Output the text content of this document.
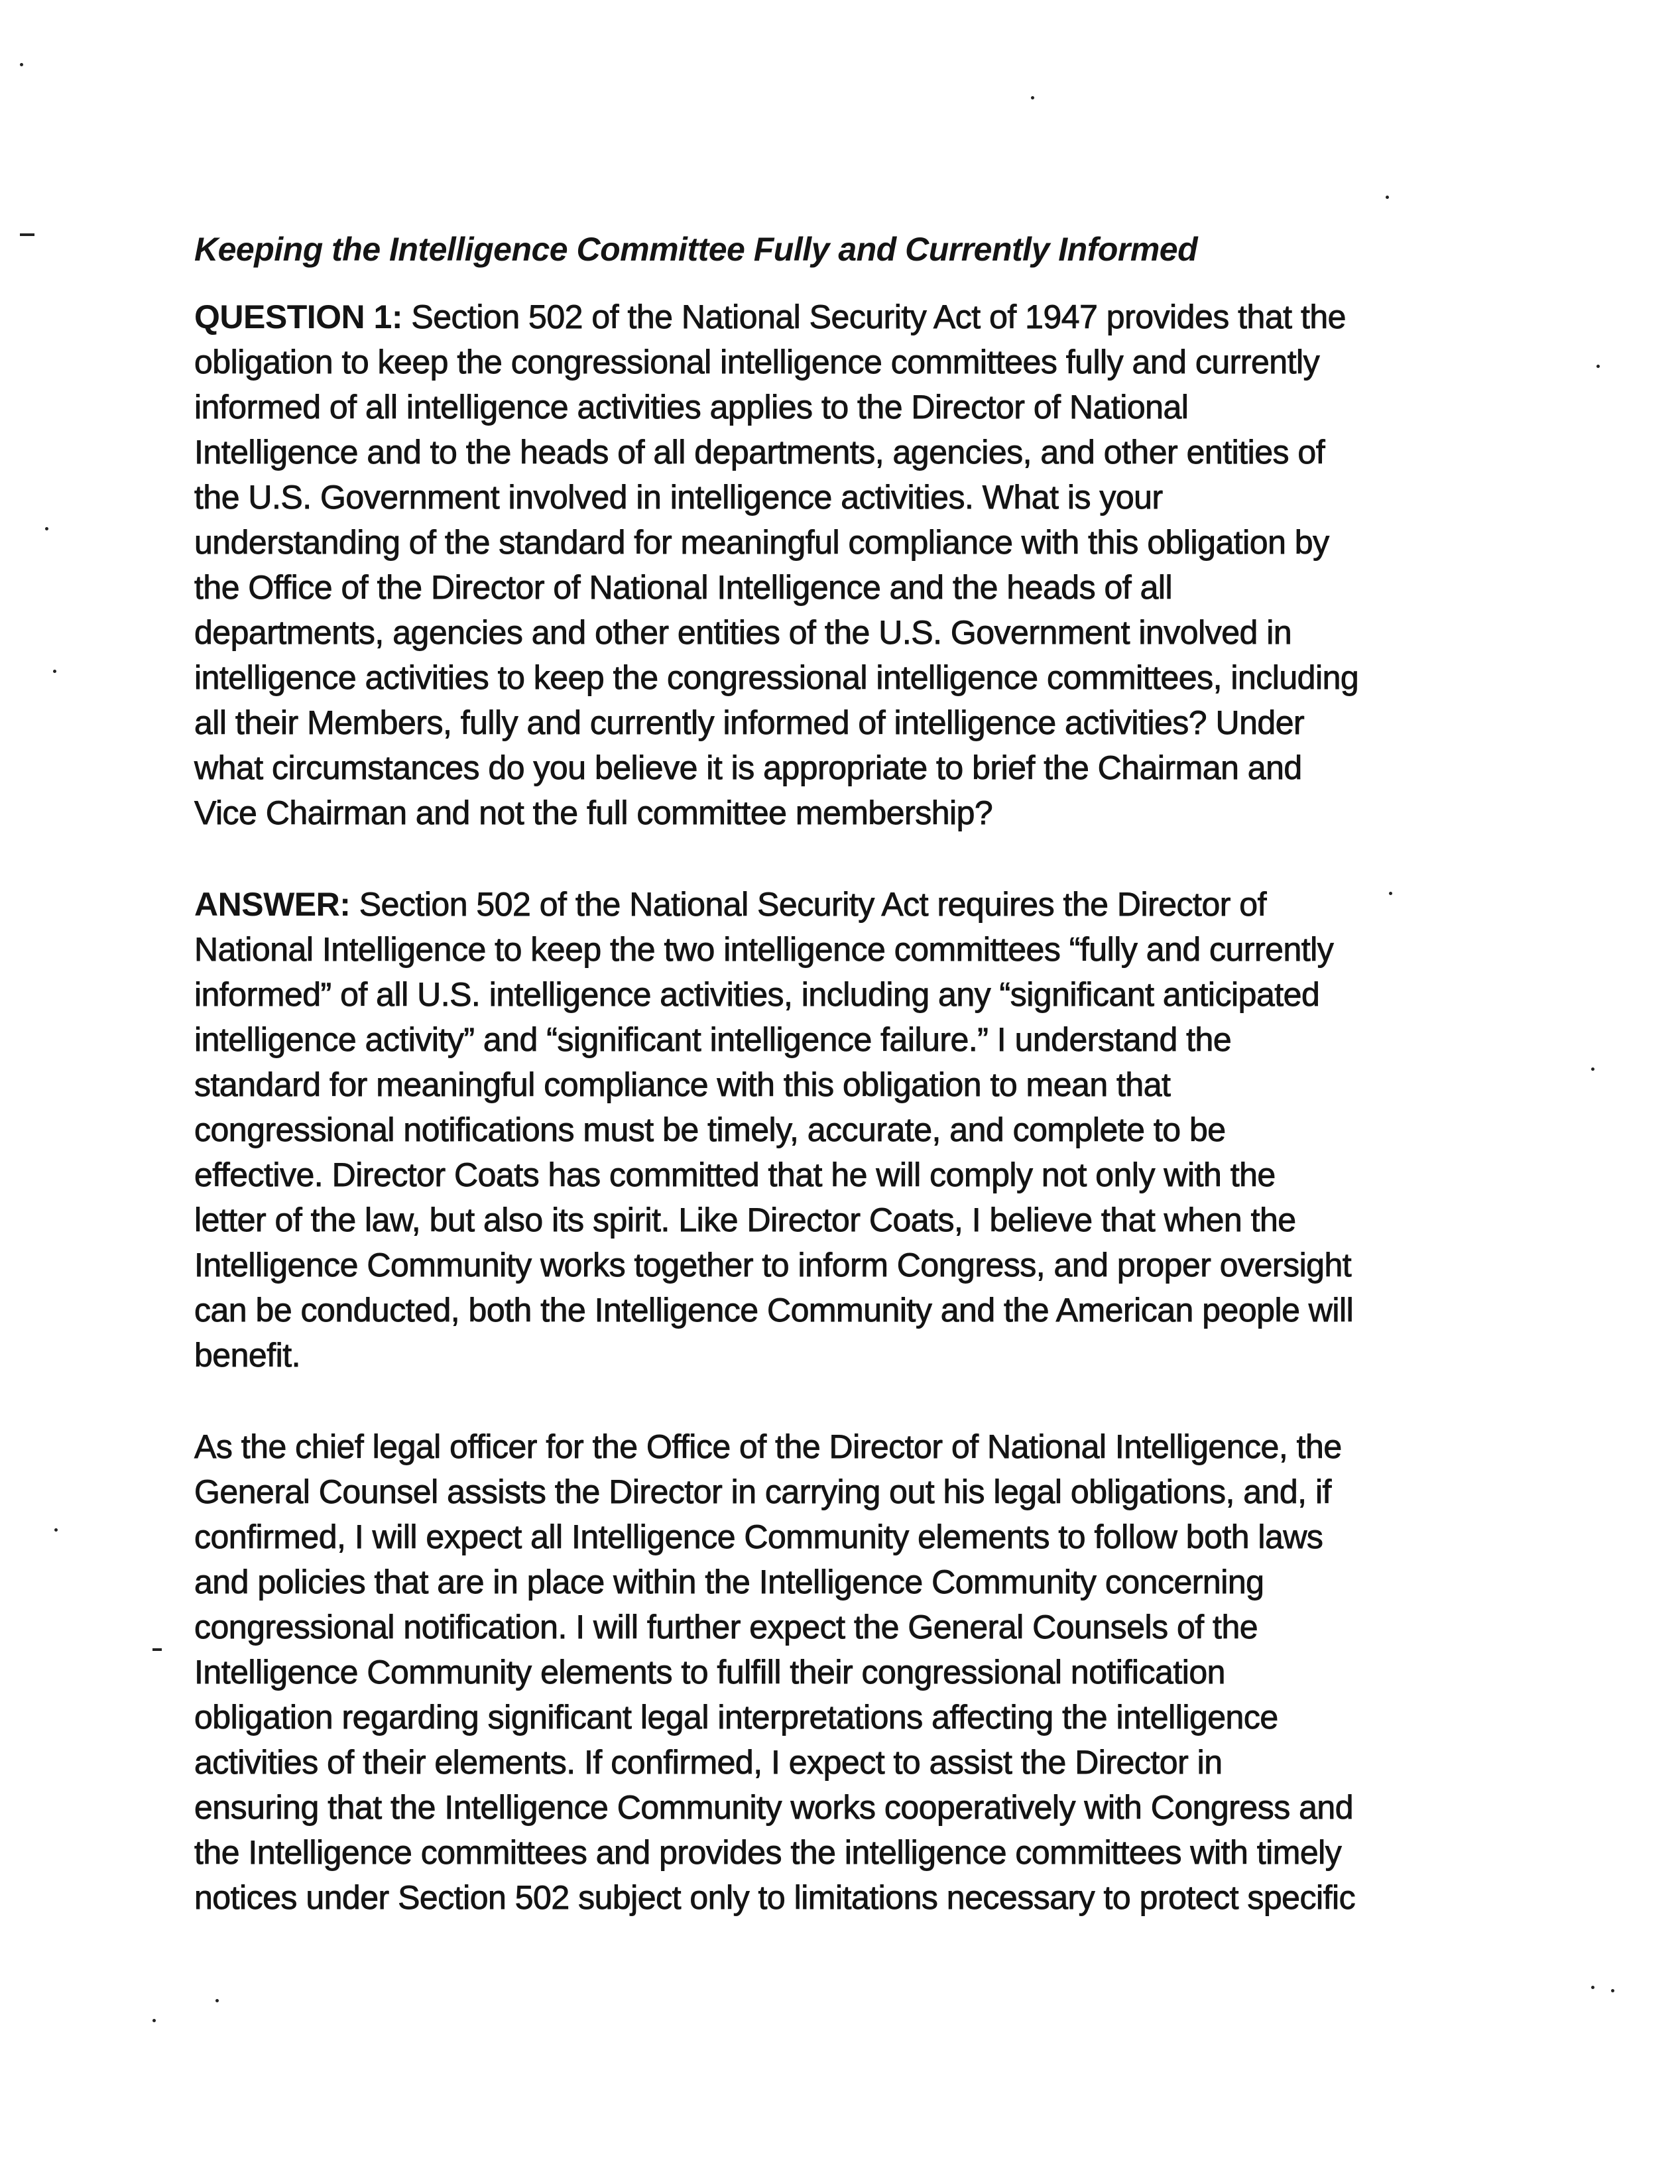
Keeping the Intelligence Committee Fully and Currently Informed
QUESTION 1: Section 502 of the National Security Act of 1947 provides that the
obligation to keep the congressional intelligence committees fully and currently
informed of all intelligence activities applies to the Director of National
Intelligence and to the heads of all departments, agencies, and other entities of
the U.S. Government involved in intelligence activities. What is your
understanding of the standard for meaningful compliance with this obligation by
the Office of the Director of National Intelligence and the heads of all
departments, agencies and other entities of the U.S. Government involved in
intelligence activities to keep the congressional intelligence committees, including
all their Members, fully and currently informed of intelligence activities? Under
what circumstances do you believe it is appropriate to brief the Chairman and
Vice Chairman and not the full committee membership?
ANSWER: Section 502 of the National Security Act requires the Director of
National Intelligence to keep the two intelligence committees “fully and currently
informed” of all U.S. intelligence activities, including any “significant anticipated
intelligence activity” and “significant intelligence failure.” I understand the
standard for meaningful compliance with this obligation to mean that
congressional notifications must be timely, accurate, and complete to be
effective. Director Coats has committed that he will comply not only with the
letter of the law, but also its spirit. Like Director Coats, I believe that when the
Intelligence Community works together to inform Congress, and proper oversight
can be conducted, both the Intelligence Community and the American people will
benefit.
As the chief legal officer for the Office of the Director of National Intelligence, the
General Counsel assists the Director in carrying out his legal obligations, and, if
confirmed, I will expect all Intelligence Community elements to follow both laws
and policies that are in place within the Intelligence Community concerning
congressional notification. I will further expect the General Counsels of the
Intelligence Community elements to fulfill their congressional notification
obligation regarding significant legal interpretations affecting the intelligence
activities of their elements. If confirmed, I expect to assist the Director in
ensuring that the Intelligence Community works cooperatively with Congress and
the Intelligence committees and provides the intelligence committees with timely
notices under Section 502 subject only to limitations necessary to protect specific
